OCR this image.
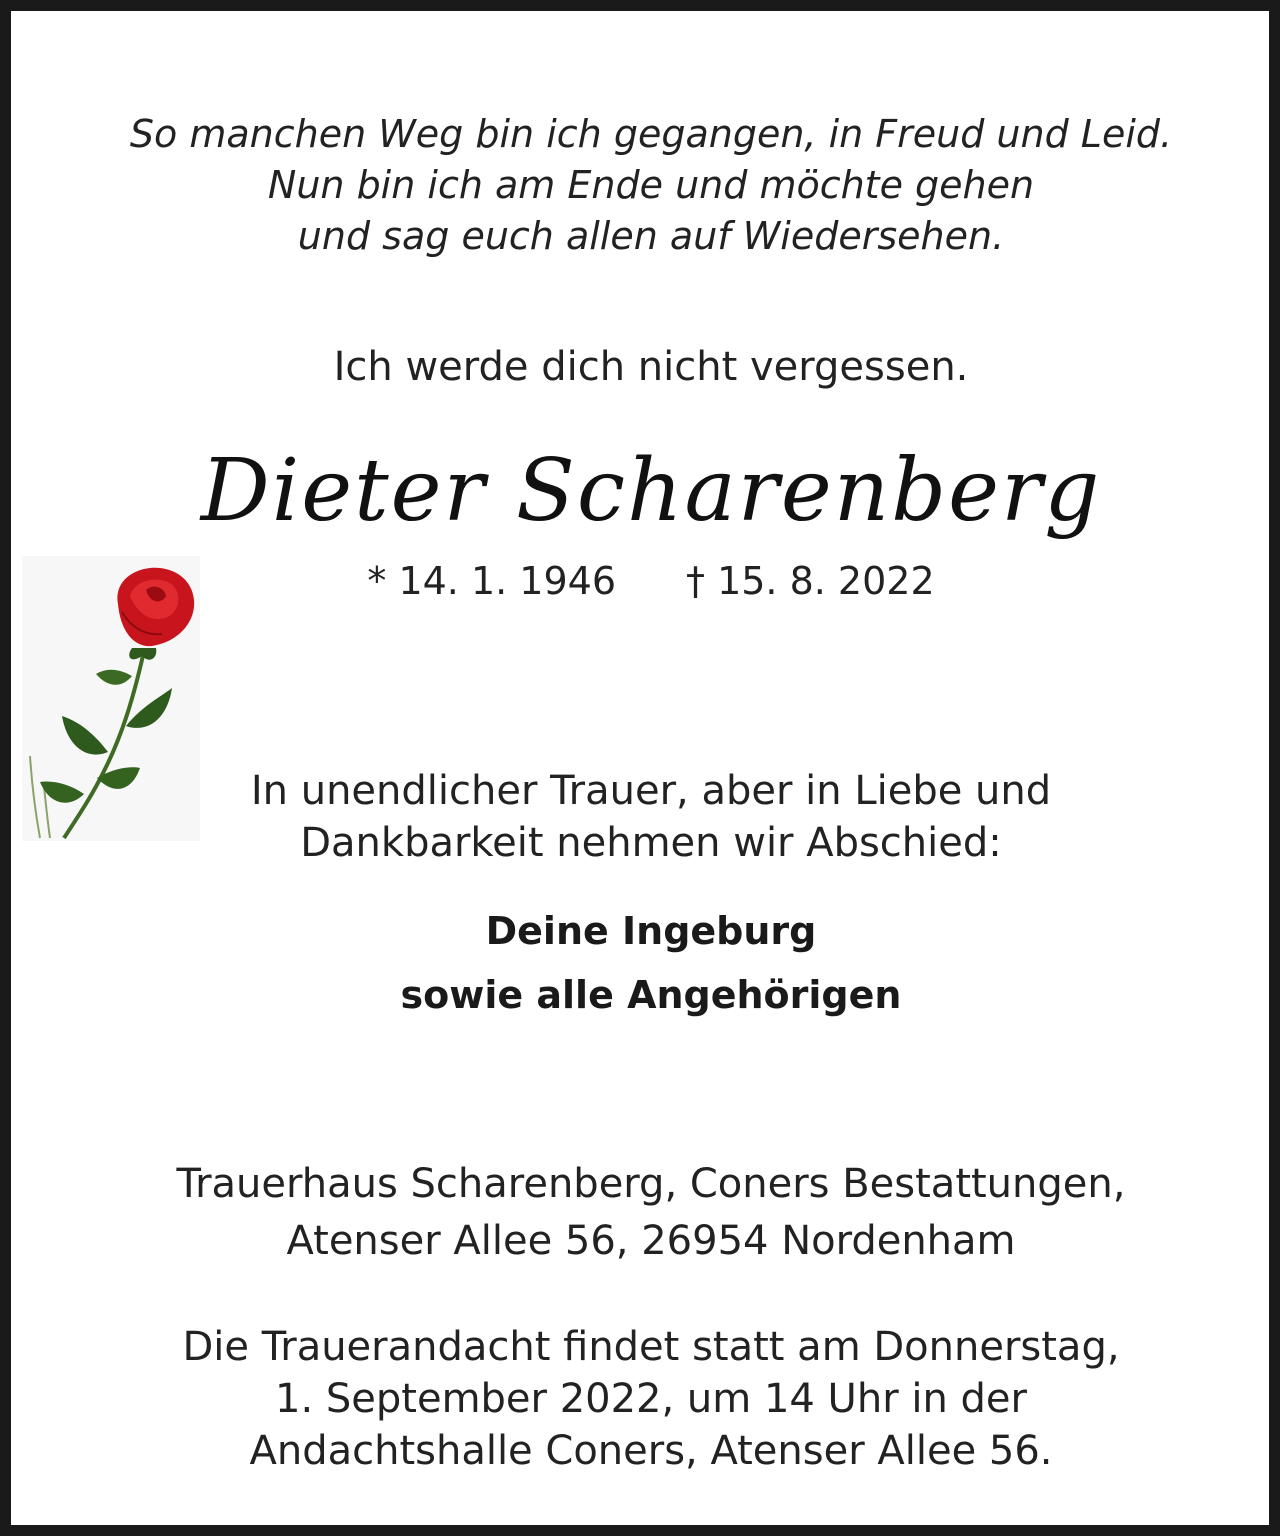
So manchen Weg bin ich gegangen, in Freud und Leid.
Nun bin ich am Ende und möchte gehen
und sag euch allen auf Wiedersehen.
Ich werde dich nicht vergessen.
Dieter Scharenberg
* 14. 1. 1946 † 15. 8. 2022
In unendlicher Trauer, aber in Liebe und
Dankbarkeit nehmen wir Abschied:
Deine Ingeburg
sowie alle Angehörigen
Trauerhaus Scharenberg, Coners Bestattungen,
Atenser Allee 56, 26954 Nordenham
Die Trauerandacht findet statt am Donnerstag,
1. September 2022, um 14 Uhr in der
Andachtshalle Coners, Atenser Allee 56.
